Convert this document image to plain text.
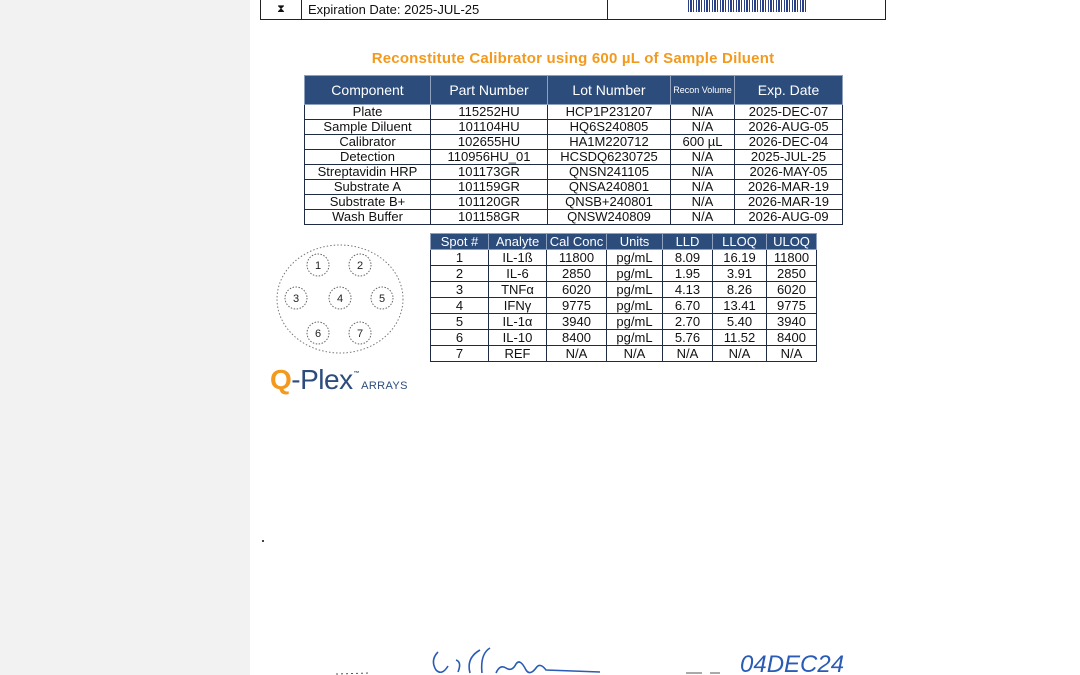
⧗	Expiration Date: 2025-JUL-25
Reconstitute Calibrator using 600 µL of Sample Diluent
Component	Part Number	Lot Number	Recon Volume	Exp. Date
Plate	115252HU	HCP1P231207	N/A	2025-DEC-07
Sample Diluent	101104HU	HQ6S240805	N/A	2026-AUG-05
Calibrator	102655HU	HA1M220712	600 µL	2026-DEC-04
Detection	110956HU_01	HCSDQ6230725	N/A	2025-JUL-25
Streptavidin HRP	101173GR	QNSN241105	N/A	2026-MAY-05
Substrate A	101159GR	QNSA240801	N/A	2026-MAR-19
Substrate B+	101120GR	QNSB+240801	N/A	2026-MAR-19
Wash Buffer	101158GR	QNSW240809	N/A	2026-AUG-09
1	2
3	4	5
6	7
Spot #	Analyte	Cal Conc	Units	LLD	LLOQ	ULOQ
1	IL-1ß	11800	pg/mL	8.09	16.19	11800
2	IL-6	2850	pg/mL	1.95	3.91	2850
3	TNFα	6020	pg/mL	4.13	8.26	6020
4	IFNγ	9775	pg/mL	6.70	13.41	9775
5	IL-1α	3940	pg/mL	2.70	5.40	3940
6	IL-10	8400	pg/mL	5.76	11.52	8400
7	REF	N/A	N/A	N/A	N/A	N/A
Q -Plex ™
ARRAYS
04DEC24
